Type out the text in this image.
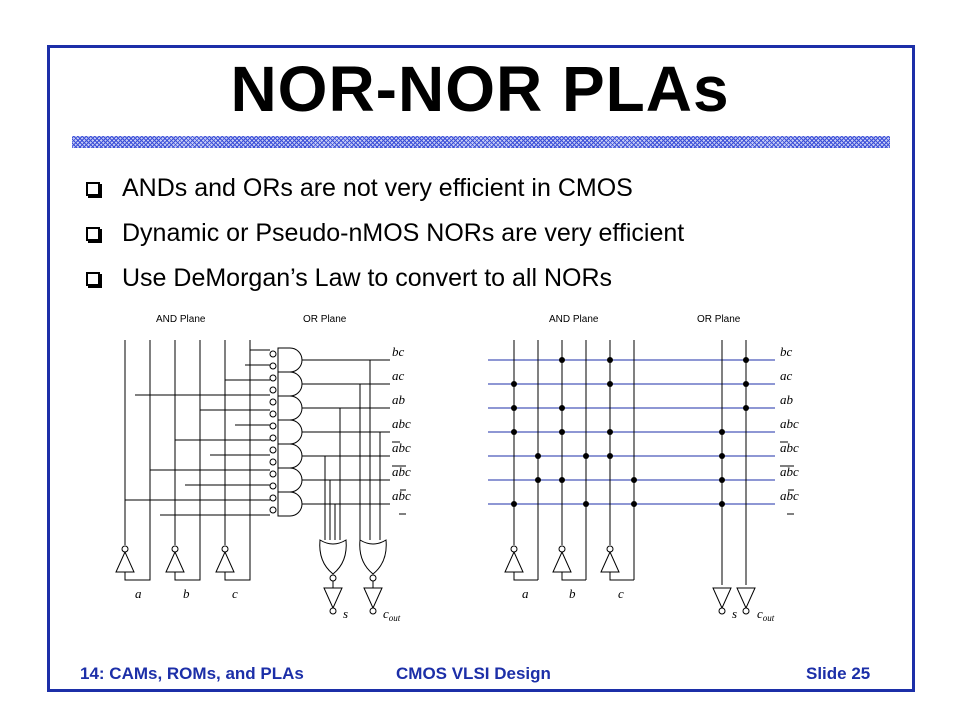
NOR-NOR PLAs
ANDs and ORs are not very efficient in CMOS
Dynamic or Pseudo-nMOS NORs are very efficient
Use DeMorgan’s Law to convert to all NORs
AND Plane	OR Plane
a	b	c
s	$c_{out}$
bc
ac
ab
abc
abc
abc
abc
AND Plane	OR Plane
a	b	c
s $c_{out}$
bc
ac
ab
abc
abc
abc
abc
14: CAMs, ROMs, and PLAs	CMOS VLSI Design	Slide 25
